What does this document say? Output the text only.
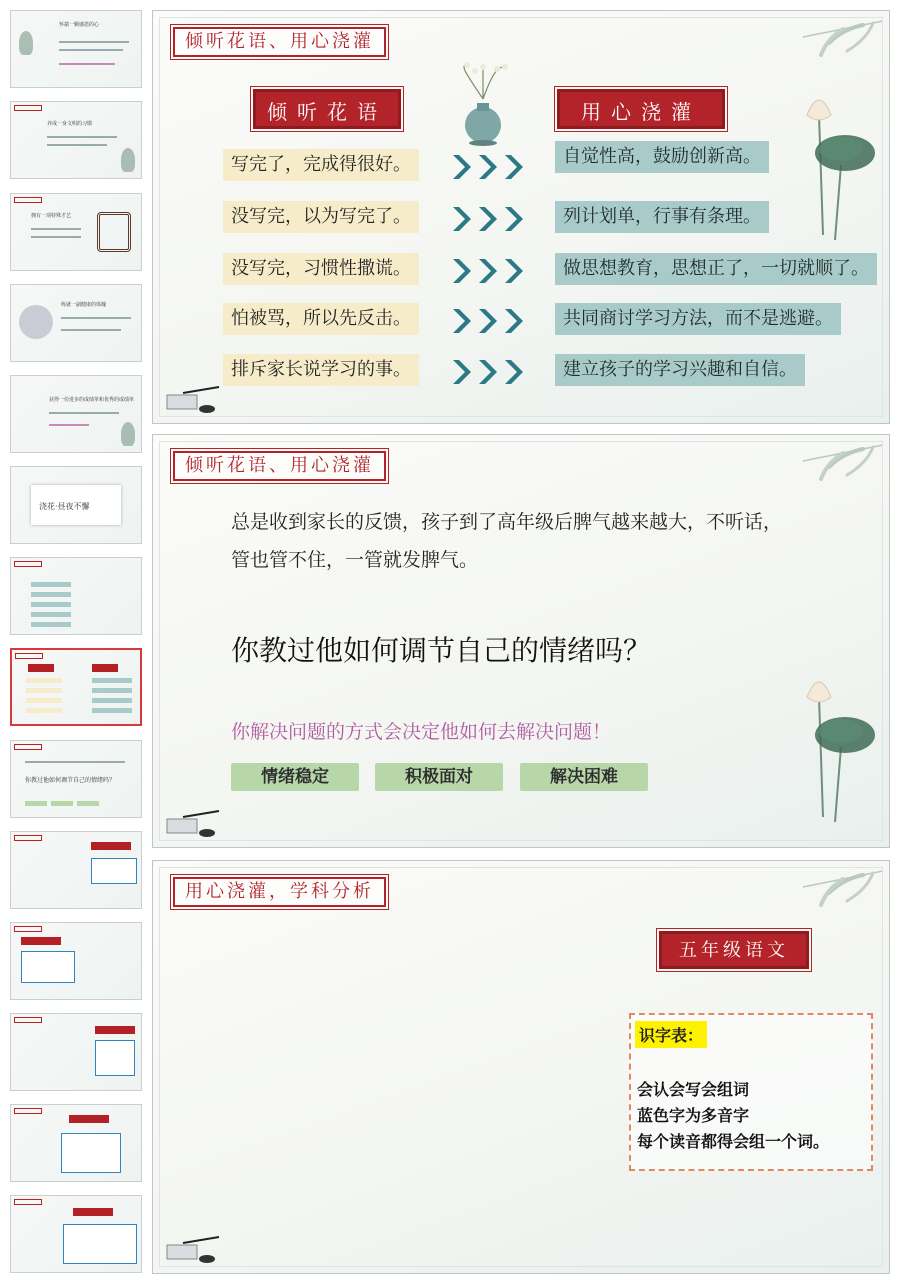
怀揣一颗感恩的心
养成一身文明的习惯
拥有一项特殊才艺
练就一副健康的体魄
获得一份进步的成绩单和优秀的成绩单
浇花·昼夜不懈
你教过他如何调节自己的情绪吗？
倾听花语、用心浇灌
倾听花语	用心浇灌
写完了，完成得很好。	自觉性高，鼓励创新高。
没写完，以为写完了。	列计划单，行事有条理。
没写完，习惯性撒谎。	做思想教育，思想正了，一切就顺了。
怕被骂，所以先反击。	共同商讨学习方法，而不是逃避。
排斥家长说学习的事。	建立孩子的学习兴趣和自信。
倾听花语、用心浇灌
总是收到家长的反馈，孩子到了高年级后脾气越来越大，不听话，
管也管不住，一管就发脾气。
你教过他如何调节自己的情绪吗？
你解决问题的方式会决定他如何去解决问题！
情绪稳定	积极面对	解决困难
用心浇灌，学科分析
五年级语文
识字表：
会认会写会组词
蓝色字为多音字
每个读音都得会组一个词。
